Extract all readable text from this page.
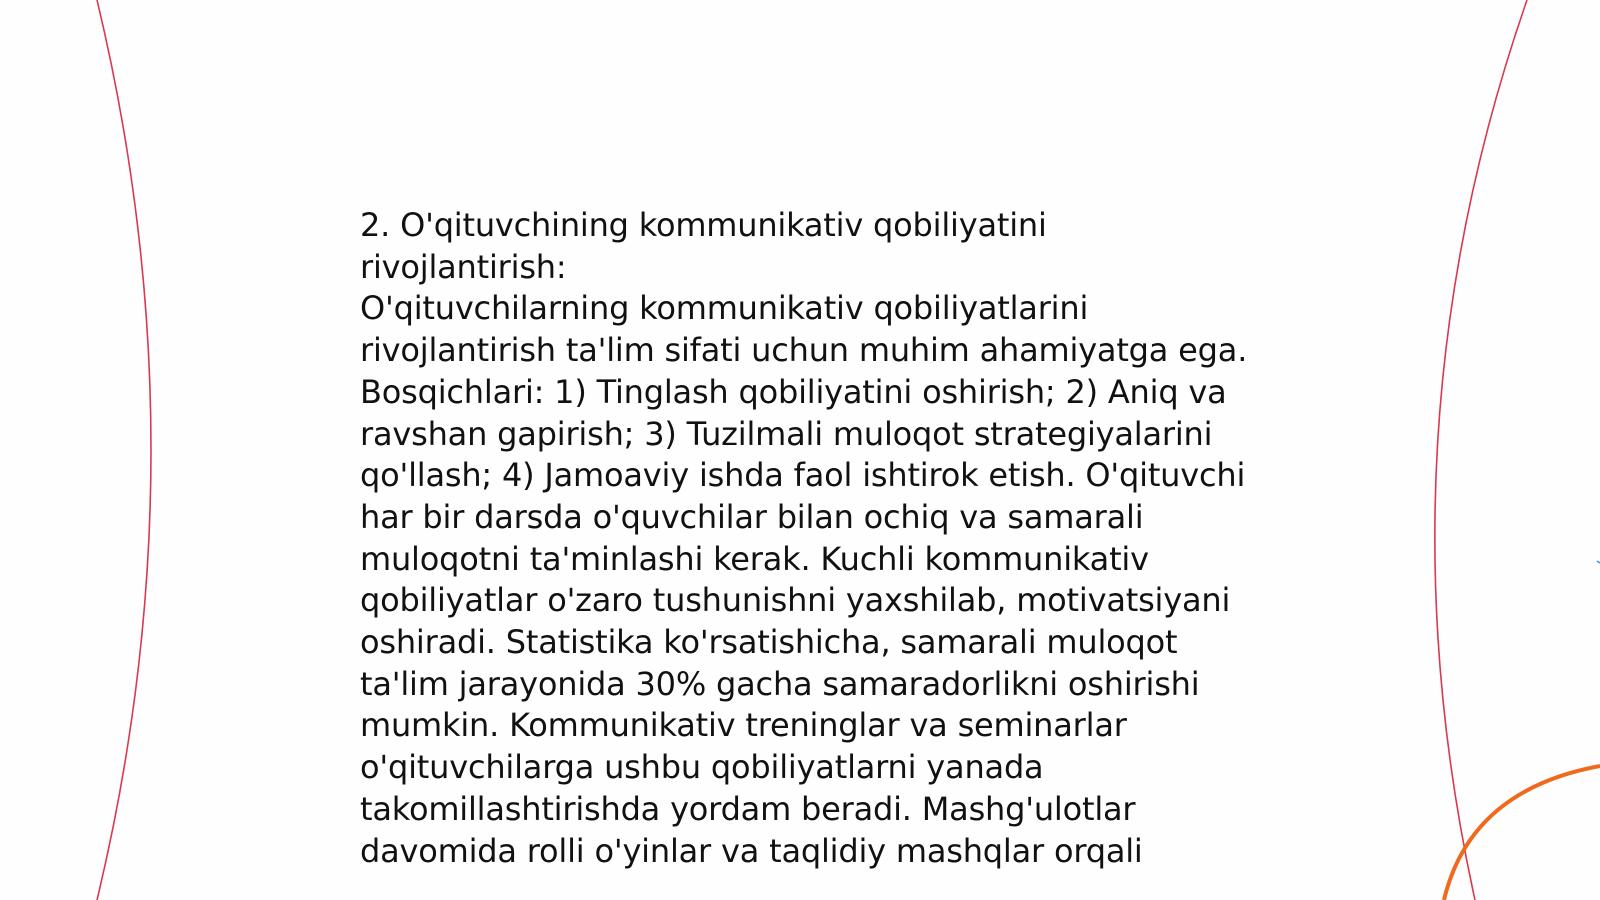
2. O'qituvchining kommunikativ qobiliyatini rivojlantirish:

O'qituvchilarning kommunikativ qobiliyatlarini rivojlantirish ta'lim sifati uchun muhim ahamiyatga ega. Bosqichlari: 1) Tinglash qobiliyatini oshirish; 2) Aniq va ravshan gapirish; 3) Tuzilmali muloqot strategiyalarini qo'llash; 4) Jamoaviy ishda faol ishtirok etish. O'qituvchi har bir darsda o'quvchilar bilan ochiq va samarali muloqotni ta'minlashi kerak. Kuchli kommunikativ qobiliyatlar o'zaro tushunishni yaxshilab, motivatsiyani oshiradi. Statistika ko'rsatishicha, samarali muloqot ta'lim jarayonida 30% gacha samaradorlikni oshirishi mumkin. Kommunikativ treninglar va seminarlar o'qituvchilarga ushbu qobiliyatlarni yanada takomillashtirishda yordam beradi. Mashg'ulotlar davomida rolli o'yinlar va taqlidiy mashqlar orqali
